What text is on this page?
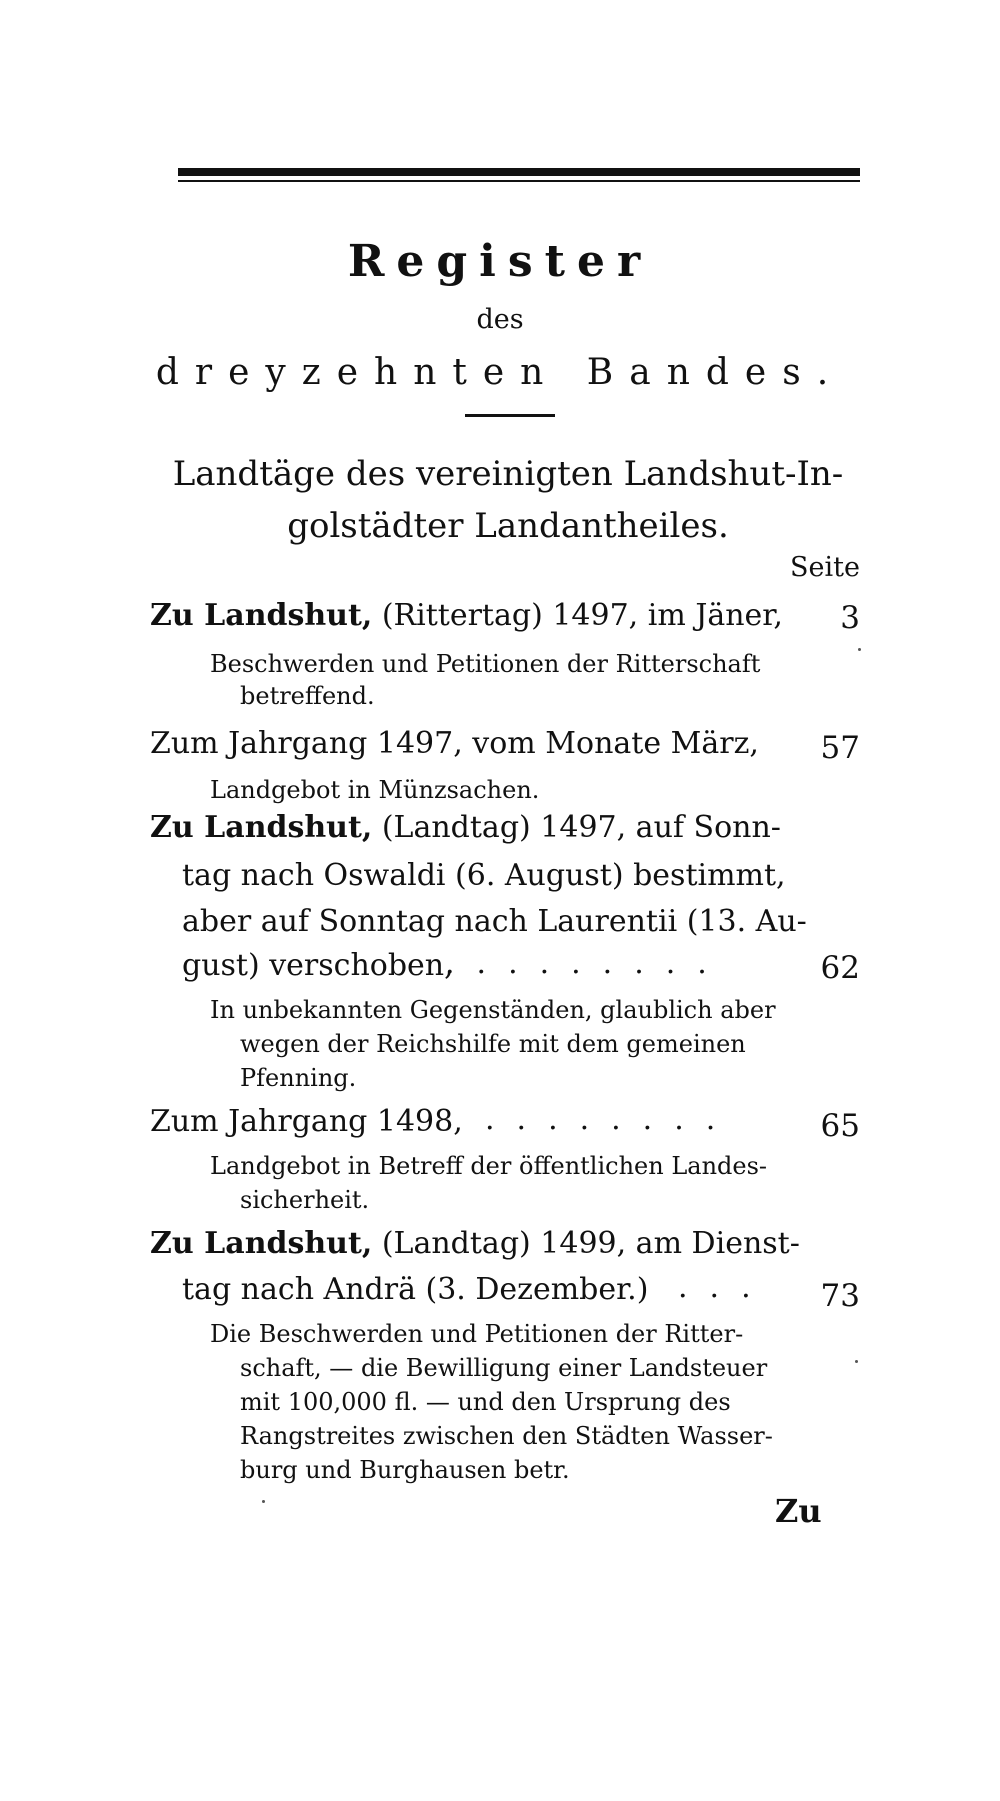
Register
des
dreyzehnten Bandes.
Landtäge des vereinigten Landshut-In-
golstädter Landantheiles.
Seite
Zu Landshut, (Rittertag) 1497, im Jäner, 3
Beschwerden und Petitionen der Ritterschaft
betreffend.
Zum Jahrgang 1497, vom Monate März, 57
Landgebot in Münzsachen.
Zu Landshut, (Landtag) 1497, auf Sonn-
tag nach Oswaldi (6. August) bestimmt,
aber auf Sonntag nach Laurentii (13. Au-
gust) verschoben,
.........	62
In unbekannten Gegenständen, glaublich aber
wegen der Reichshilfe mit dem gemeinen
Pfenning.
Zum Jahrgang 1498, ........	65
Landgebot in Betreff der öffentlichen Landes-
sicherheit.
Zu Landshut, (Landtag) 1499, am Dienst-
tag nach Andrä (3. Dezember.) ... 73
Die Beschwerden und Petitionen der Ritter-
schaft, — die Bewilligung einer Landsteuer
mit 100,000 fl. — und den Ursprung des
Rangstreites zwischen den Städten Wasser-
burg und Burghausen betr.
Zu
